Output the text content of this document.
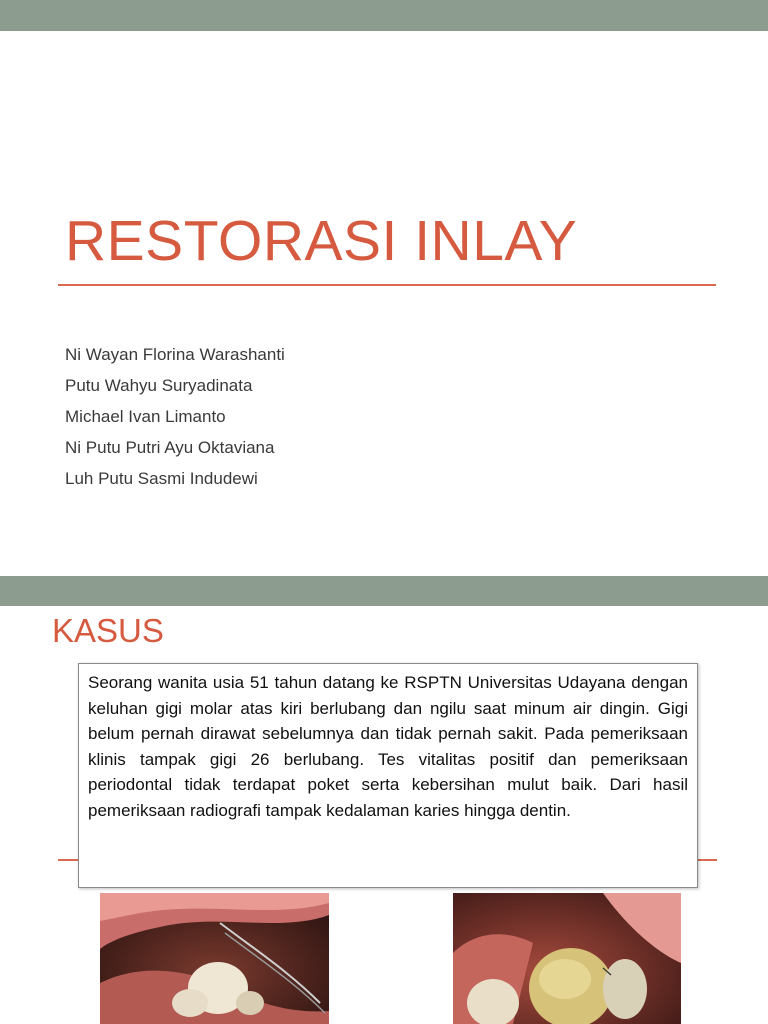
RESTORASI INLAY
Ni Wayan Florina Warashanti
Putu Wahyu Suryadinata
Michael Ivan Limanto
Ni Putu Putri Ayu Oktaviana
Luh Putu Sasmi Indudewi
KASUS

Seorang wanita usia 51 tahun datang ke RSPTN Universitas Udayana dengan keluhan gigi molar atas kiri berlubang dan ngilu saat minum air dingin. Gigi belum pernah dirawat sebelumnya dan tidak pernah sakit. Pada pemeriksaan klinis tampak gigi 26 berlubang. Tes vitalitas positif dan pemeriksaan periodontal tidak terdapat poket serta kebersihan mulut baik. Dari hasil pemeriksaan radiografi tampak kedalaman karies hingga dentin.
